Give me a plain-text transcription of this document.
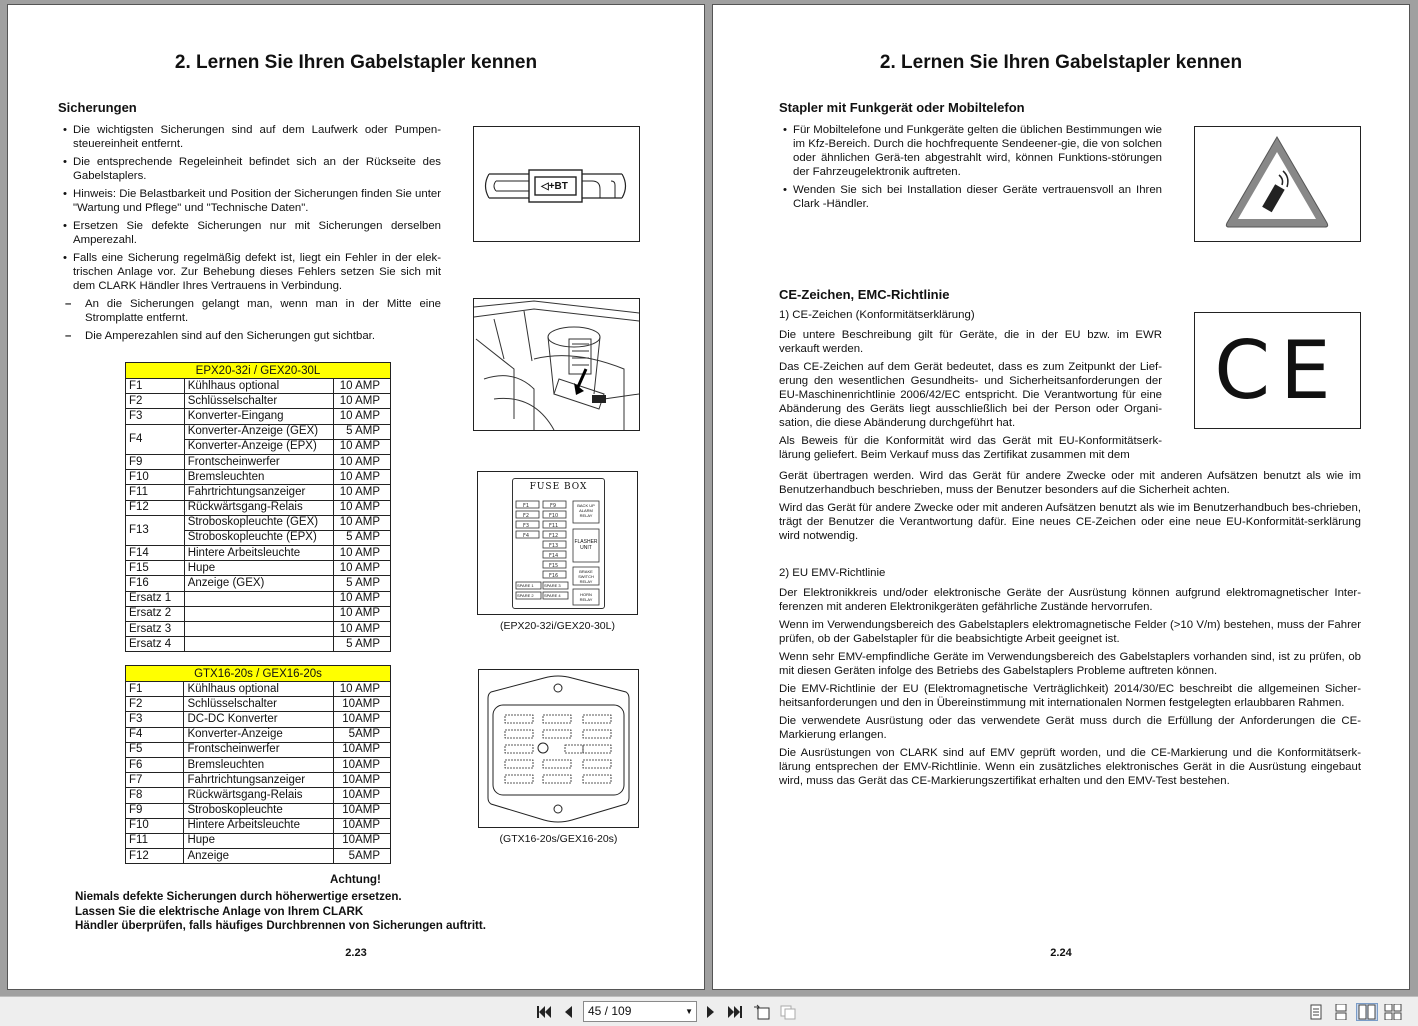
2. Lernen Sie Ihren Gabelstapler kennen
Sicherungen
• Die wichtigsten Sicherungen sind auf dem Laufwerk oder Pumpen-steuereinheit entfernt.
• Die entsprechende Regeleinheit befindet sich an der Rückseite des Gabelstaplers.
• Hinweis: Die Belastbarkeit und Position der Sicherungen finden Sie unter "Wartung und Pflege" und "Technische Daten".
• Ersetzen Sie defekte Sicherungen nur mit Sicherungen derselben Amperezahl.
• Falls eine Sicherung regelmäßig defekt ist, liegt ein Fehler in der elek-trischen Anlage vor. Zur Behebung dieses Fehlers setzen Sie sich mit dem CLARK Händler Ihres Vertrauens in Verbindung.
– An die Sicherungen gelangt man, wenn man in der Mitte eine Stromplatte entfernt.
– Die Amperezahlen sind auf den Sicherungen gut sichtbar.
◁+BT
FUSE BOX
F1	F9
F2	F10
F3	F11
F4	F12
F13
F14
F15
F16
BACK UP ALARM RELAY
FLASHER UNIT
BRAKE SWITCH RELAY
HORN RELAY
SPARE 1	SPARE 3
SPARE 2	SPARE 4
(EPX20-32i/GEX20-30L)
(GTX16-20s/GEX16-20s)
EPX20-32i / GEX20-30L		
F1	Kühlhaus optional	10 AMP
F2	Schlüsselschalter	10 AMP
F3	Konverter-Eingang	10 AMP
F4	Konverter-Anzeige (GEX)	5 AMP
	Konverter-Anzeige (EPX)	10 AMP
F9	Frontscheinwerfer	10 AMP
F10	Bremsleuchten	10 AMP
F11	Fahrtrichtungsanzeiger	10 AMP
F12	Rückwärtsgang-Relais	10 AMP
F13	Stroboskopleuchte (GEX)	10 AMP
	Stroboskopleuchte (EPX)	5 AMP
F14	Hintere Arbeitsleuchte	10 AMP
F15	Hupe	10 AMP
F16	Anzeige (GEX)	5 AMP
Ersatz 1		10 AMP
Ersatz 2		10 AMP
Ersatz 3		10 AMP
Ersatz 4		5 AMP
GTX16-20s / GEX16-20s		
F1	Kühlhaus optional	10 AMP
F2	Schlüsselschalter	10AMP
F3	DC-DC Konverter	10AMP
F4	Konverter-Anzeige	5AMP
F5	Frontscheinwerfer	10AMP
F6	Bremsleuchten	10AMP
F7	Fahrtrichtungsanzeiger	10AMP
F8	Rückwärtsgang-Relais	10AMP
F9	Stroboskopleuchte	10AMP
F10	Hintere Arbeitsleuchte	10AMP
F11	Hupe	10AMP
F12	Anzeige	5AMP
Achtung!
Niemals defekte Sicherungen durch höherwertige ersetzen.
Lassen Sie die elektrische Anlage von Ihrem CLARK
Händler überprüfen, falls häufiges Durchbrennen von Sicherungen auftritt.
2.23
2. Lernen Sie Ihren Gabelstapler kennen
Stapler mit Funkgerät oder Mobiltelefon
• Für Mobiltelefone und Funkgeräte gelten die üblichen Bestimmungen wie im Kfz-Bereich. Durch die hochfrequente Sendeener-gie, die von solchen oder ähnlichen Gerä-ten abgestrahlt wird, können Funktions-störungen der Fahrzeugelektronik auftreten.
• Wenden Sie sich bei Installation dieser Geräte vertrauensvoll an Ihren Clark -Händler.
CE-Zeichen, EMC-Richtlinie
1) CE-Zeichen (Konformitätserklärung)

Die untere Beschreibung gilt für Geräte, die in der EU bzw. im EWR verkauft werden.

Das CE-Zeichen auf dem Gerät bedeutet, dass es zum Zeitpunkt der Lief-erung den wesentlichen Gesundheits- und Sicherheitsanforderungen der EU-Maschinenrichtlinie 2006/42/EC entspricht. Die Verantwortung für eine Abänderung des Geräts liegt ausschließlich bei der Person oder Organi-sation, die diese Abänderung durchgeführt hat.

Als Beweis für die Konformität wird das Gerät mit EU-Konformitätserk-lärung geliefert. Beim Verkauf muss das Zertifikat zusammen mit dem

CE

Gerät übertragen werden. Wird das Gerät für andere Zwecke oder mit anderen Aufsätzen benutzt als wie im Benutzerhandbuch beschrieben, muss der Benutzer besonders auf die Sicherheit achten.

Wird das Gerät für andere Zwecke oder mit anderen Aufsätzen benutzt als wie im Benutzerhandbuch bes-chrieben, trägt der Benutzer die Verantwortung dafür. Eine neues CE-Zeichen oder eine neue EU-Konformität-serklärung wird notwendig.

2) EU EMV-Richtlinie

Der Elektronikkreis und/oder elektronische Geräte der Ausrüstung können aufgrund elektromagnetischer Inter-ferenzen mit anderen Elektronikgeräten gefährliche Zustände hervorrufen.

Wenn im Verwendungsbereich des Gabelstaplers elektromagnetische Felder (>10 V/m) bestehen, muss der Fahrer prüfen, ob der Gabelstapler für die beabsichtigte Arbeit geeignet ist.

Wenn sehr EMV-empfindliche Geräte im Verwendungsbereich des Gabelstaplers vorhanden sind, ist zu prüfen, ob mit diesen Geräten infolge des Betriebs des Gabelstaplers Probleme auftreten können.

Die EMV-Richtlinie der EU (Elektromagnetische Verträglichkeit) 2014/30/EC beschreibt die allgemeinen Sicher-heitsanforderungen und den in Übereinstimmung mit internationalen Normen festgelegten erlaubbaren Rahmen.

Die verwendete Ausrüstung oder das verwendete Gerät muss durch die Erfüllung der Anforderungen die CE-Markierung erlangen.

Die Ausrüstungen von CLARK sind auf EMV geprüft worden, und die CE-Markierung und die Konformitätserk-lärung entsprechen der EMV-Richtlinie. Wenn ein zusätzliches elektronisches Gerät in die Ausrüstung eingebaut wird, muss das Gerät das CE-Markierungszertifikat erhalten und den EMV-Test bestehen.

2.24
45 / 109	▼
